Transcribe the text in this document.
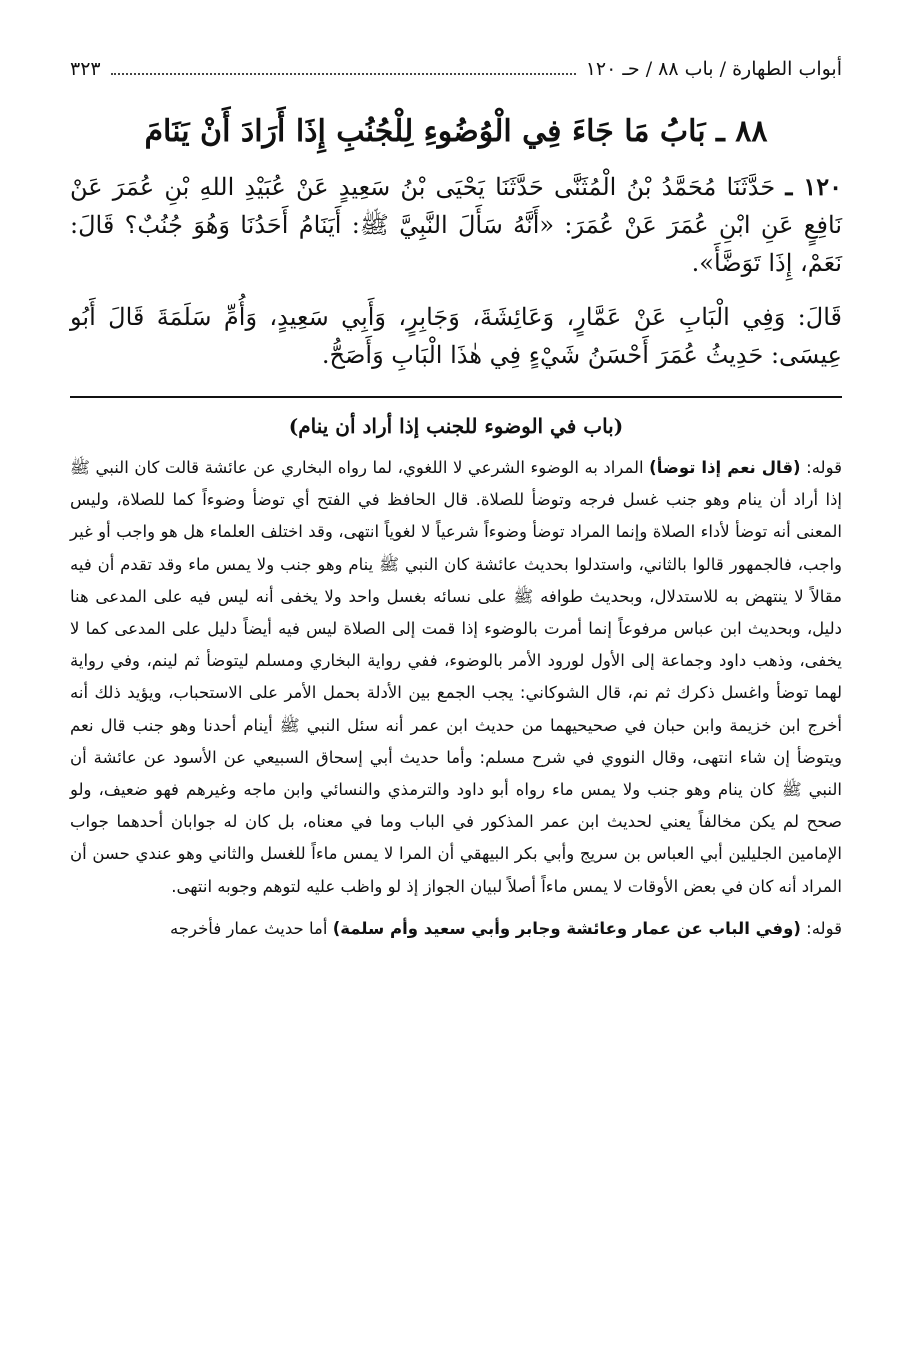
أبواب الطهارة / باب ٨٨ / حـ ١٢٠
٣٢٣
٨٨ ـ بَابُ مَا جَاءَ فِي الْوُضُوءِ لِلْجُنُبِ إِذَا أَرَادَ أَنْ يَنَامَ

١٢٠ ـ حَدَّثَنَا مُحَمَّدُ بْنُ الْمُثَنَّى حَدَّثَنَا يَحْيَى بْنُ سَعِيدٍ عَنْ عُبَيْدِ اللهِ بْنِ عُمَرَ عَنْ نَافِعٍ عَنِ ابْنِ عُمَرَ عَنْ عُمَرَ: «أَنَّهُ سَأَلَ النَّبِيَّ ﷺ: أَيَنَامُ أَحَدُنَا وَهُوَ جُنُبٌ؟ قَالَ: نَعَمْ، إِذَا تَوَضَّأَ».

قَالَ: وَفِي الْبَابِ عَنْ عَمَّارٍ، وَعَائِشَةَ، وَجَابِرٍ، وَأَبِي سَعِيدٍ، وَأُمِّ سَلَمَةَ قَالَ أَبُو عِيسَى: حَدِيثُ عُمَرَ أَحْسَنُ شَيْءٍ فِي هٰذَا الْبَابِ وَأَصَحُّ.

(باب في الوضوء للجنب إذا أراد أن ينام)

قوله: (قال نعم إذا توضأ) المراد به الوضوء الشرعي لا اللغوي، لما رواه البخاري عن عائشة قالت كان النبي ﷺ إذا أراد أن ينام وهو جنب غسل فرجه وتوضأ للصلاة. قال الحافظ في الفتح أي توضأ وضوءاً كما للصلاة، وليس المعنى أنه توضأ لأداء الصلاة وإنما المراد توضأ وضوءاً شرعياً لا لغوياً انتهى، وقد اختلف العلماء هل هو واجب أو غير واجب، فالجمهور قالوا بالثاني، واستدلوا بحديث عائشة كان النبي ﷺ ينام وهو جنب ولا يمس ماء وقد تقدم أن فيه مقالاً لا ينتهض به للاستدلال، وبحديث طوافه ﷺ على نسائه بغسل واحد ولا يخفى أنه ليس فيه على المدعى هنا دليل، وبحديث ابن عباس مرفوعاً إنما أمرت بالوضوء إذا قمت إلى الصلاة ليس فيه أيضاً دليل على المدعى كما لا يخفى، وذهب داود وجماعة إلى الأول لورود الأمر بالوضوء، ففي رواية البخاري ومسلم ليتوضأ ثم لينم، وفي رواية لهما توضأ واغسل ذكرك ثم نم، قال الشوكاني: يجب الجمع بين الأدلة بحمل الأمر على الاستحباب، ويؤيد ذلك أنه أخرج ابن خزيمة وابن حبان في صحيحيهما من حديث ابن عمر أنه سئل النبي ﷺ أينام أحدنا وهو جنب قال نعم ويتوضأ إن شاء انتهى، وقال النووي في شرح مسلم: وأما حديث أبي إسحاق السبيعي عن الأسود عن عائشة أن النبي ﷺ كان ينام وهو جنب ولا يمس ماء رواه أبو داود والترمذي والنسائي وابن ماجه وغيرهم فهو ضعيف، ولو صحح لم يكن مخالفاً يعني لحديث ابن عمر المذكور في الباب وما في معناه، بل كان له جوابان أحدهما جواب الإمامين الجليلين أبي العباس بن سريج وأبي بكر البيهقي أن المرا لا يمس ماءاً للغسل والثاني وهو عندي حسن أن المراد أنه كان في بعض الأوقات لا يمس ماءاً أصلاً لبيان الجواز إذ لو واظب عليه لتوهم وجوبه انتهى.

قوله: (وفي الباب عن عمار وعائشة وجابر وأبي سعيد وأم سلمة) أما حديث عمار فأخرجه
